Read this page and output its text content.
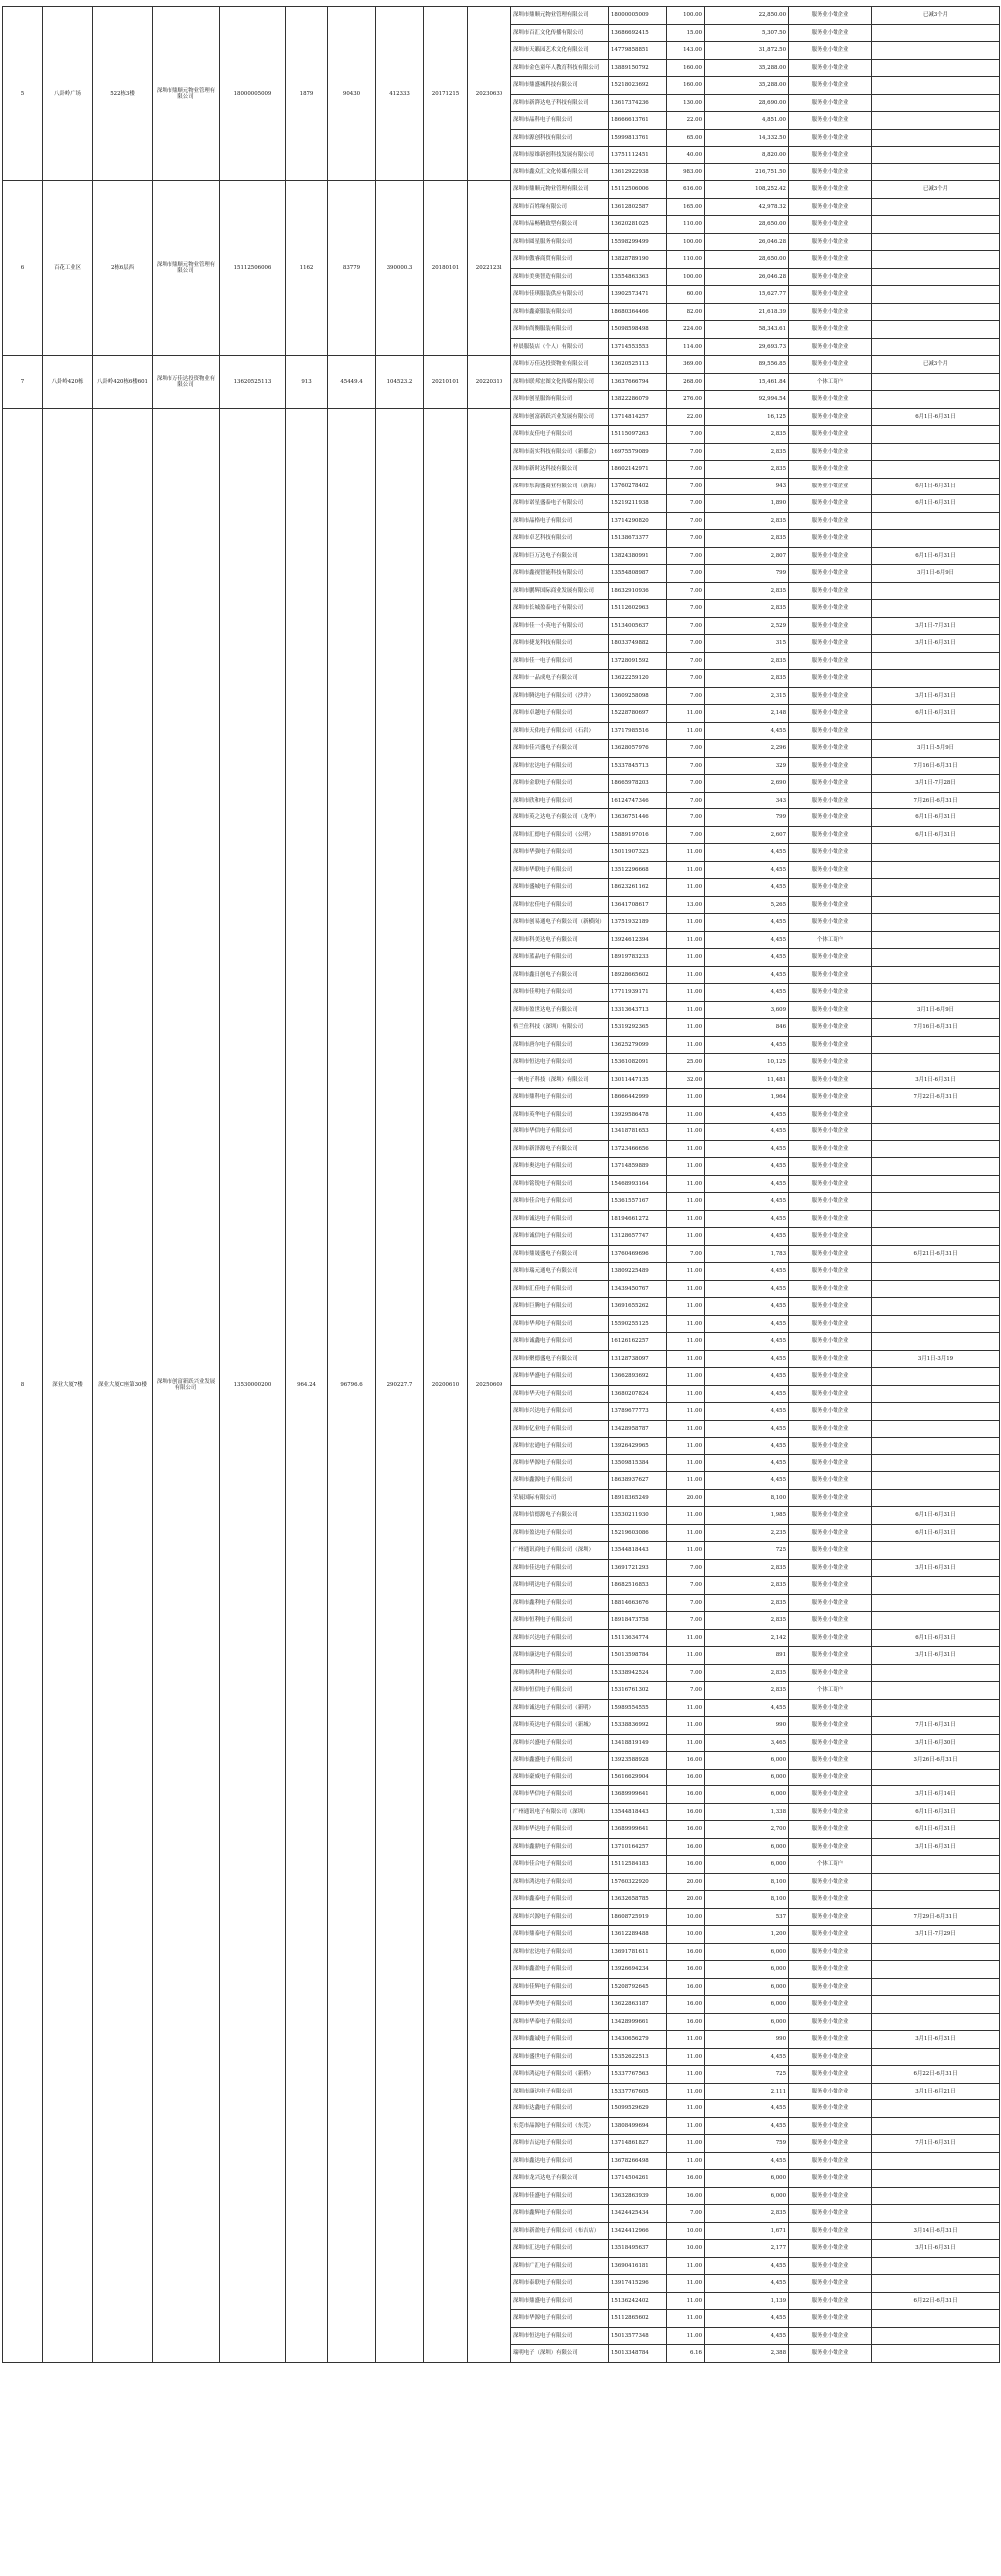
5	八卦岭广场	522栋3楼	深圳市鼎顺元物业管理有限公司	18000005009	1879	90430	412333	20171215	20230630	深圳市鼎顺元物业管理有限公司	18000005009	100.00	22,850.00	服务业小微企业	已减3个月
										深圳市百汇文化传播有限公司	13686692415	15.00	5,307.50	服务业小微企业	
										深圳市天籁园艺术文化有限公司	14779858851	143.00	31,872.50	服务业小微企业	
										深圳市金色童年人教育科技有限公司	13889150792	160.00	35,288.00	服务业小微企业	
										深圳市鼎盛城科技有限公司	15218023692	160.00	35,288.00	服务业小微企业	
										深圳市新湃达电子科技有限公司	13617374236	130.00	28,690.00	服务业小微企业	
										深圳市晶科电子有限公司	18666613761	22.00	4,851.00	服务业小微企业	
										深圳市源创科技有限公司	15999813761	65.00	14,332.50	服务业小微企业	
										深圳市原维新创科技发展有限公司	13751112451	40.00	8,820.00	服务业小微企业	
										深圳市鑫众汇文化传媒有限公司	13612922938	983.00	216,751.50	服务业小微企业	
6	百花工业区	2栋6层西	深圳市鼎顺元物业管理有限公司	15112506006	1162	83779	390000.3	20180101	20221231	深圳市鼎顺元物业管理有限公司	15112506006	616.00	108,252.42	服务业小微企业	已减3个月
										深圳市百姓缘有限公司	13612802587	165.00	42,978.32	服务业小微企业	
										深圳市品畅精致型有限公司	13620281025	110.00	28,650.00	服务业小微企业	
										深圳市圆星服务有限公司	15598299499	100.00	26,046.28	服务业小微企业	
										深圳市傲睿商贸有限公司	13828789190	110.00	28,650.00	服务业小微企业	
										深圳市美奥智造有限公司	13554863363	100.00	26,046.28	服务业小微企业	
										深圳市佳琪服装供应有限公司	13902573471	60.00	15,627.77	服务业小微企业	
										深圳市鑫豪服装有限公司	18680364466	82.00	21,618.39	服务业小微企业	
										深圳市尚衡服装有限公司	15098598498	224.00	58,343.61	服务业小微企业	
										梓晨服装店（个人）有限公司	13714553553	114.00	29,693.73	服务业小微企业	
7	八卦岭420栋	八卦岭420栋6楼601	深圳市万佳达投资物业有限公司	13620525113	913	45449.4	104523.2	20210101	20220310	深圳市万佳达投资物业有限公司	13620525113	369.00	89,556.85	服务业小微企业	已减3个月
										深圳市联邦宏图文化传媒有限公司	13637666794	268.00	15,461.84	个体工商户	
										深圳市创星服饰有限公司	13822286079	276.00	92,994.54	服务业小微企业	
8	深业大厦7楼	深业大厦C座第30楼	深圳市创富新跃兴业发展有限公司	13530000200	964.24	96796.6	290227.7	20200610	20250609	深圳市创富新跃兴业发展有限公司	13714814257	22.00	16,125	服务业小微企业	6月1日-6月31日
										深圳市友佳电子有限公司	15115097263	7.00	2,835	服务业小微企业	
										深圳市南实科技有限公司（新都会）	16975579089	7.00	2,835	服务业小微企业	
										深圳市新时达科技有限公司	18602142971	7.00	2,835	服务业小微企业	
										深圳市东海盛商业有限公司（新海）	13760278402	7.00	943	服务业小微企业	6月1日-6月31日
										深圳市诺星盛泰电子有限公司	15219211938	7.00	1,890	服务业小微企业	6月1日-6月31日
										深圳市晶格电子有限公司	13714290820	7.00	2,835	服务业小微企业	
										深圳市卓艺科技有限公司	15138673377	7.00	2,835	服务业小微企业	
										深圳市巨万达电子有限公司	13824380991	7.00	2,807	服务业小微企业	6月1日-6月31日
										深圳市鑫视智能科技有限公司	13554808987	7.00	799	服务业小微企业	3月1日-6月9日
										深圳市鹏辉国际商业发展有限公司	18632910936	7.00	2,835	服务业小微企业	
										深圳市长城盈泰电子有限公司	15112602963	7.00	2,835	服务业小微企业	
										深圳市佳一小英电子有限公司	15134005637	7.00	2,529	服务业小微企业	3月1日-7月31日
										深圳市捷龙科技有限公司	18033749882	7.00	315	服务业小微企业	3月1日-6月31日
										深圳市佳一电子有限公司	13728091592	7.00	2,835	服务业小微企业	
										深圳市一品成电子有限公司	13622259120	7.00	2,835	服务业小微企业	
										深圳市腾达电子有限公司（沙井）	13609258098	7.00	2,315	服务业小微企业	3月1日-6月31日
										深圳市卓越电子有限公司	15228780697	11.00	2,148	服务业小微企业	6月1日-6月31日
										深圳市天佑电子有限公司（石岩）	13717985516	11.00	4,455	服务业小微企业	
										深圳市佳兴盛电子有限公司	13628057976	7.00	2,296	服务业小微企业	3月1日-5月9日
										深圳市宏达电子有限公司	15337845713	7.00	329	服务业小微企业	7月16日-6月31日
										深圳市金联电子有限公司	18665978203	7.00	2,690	服务业小微企业	3月1日-7月28日
										深圳市欣和电子有限公司	16124747346	7.00	343	服务业小微企业	7月26日-6月31日
										深圳市英之达电子有限公司（龙华）	13636751446	7.00	799	服务业小微企业	6月1日-6月31日
										深圳市汇德电子有限公司（公明）	15889197016	7.00	2,607	服务业小微企业	6月1日-6月31日
										深圳市华强电子有限公司	15011907323	11.00	4,455	服务业小微企业	
										深圳市华联电子有限公司	13512296668	11.00	4,455	服务业小微企业	
										深圳市盛城电子有限公司	18623261162	11.00	4,455	服务业小微企业	
										深圳市宏佳电子有限公司	13641708617	13.00	5,265	服务业小微企业	
										深圳市创易通电子有限公司（新横岗）	13751932189	11.00	4,455	服务业小微企业	
										深圳市科美达电子有限公司	13924612394	11.00	4,455	个体工商户	
										深圳市蓝晶电子有限公司	18919783233	11.00	4,455	服务业小微企业	
										深圳市鑫日创电子有限公司	18928665602	11.00	4,455	服务业小微企业	
										深圳市佳明电子有限公司	17711939171	11.00	4,455	服务业小微企业	
										深圳市盈世达电子有限公司	13313643713	11.00	3,609	服务业小微企业	3月1日-6月9日
										格兰仕科技（深圳）有限公司	15319292365	11.00	846	服务业小微企业	7月16日-6月31日
										深圳市唐尔电子有限公司	13625279099	11.00	4,455	服务业小微企业	
										深圳市恒达电子有限公司	15361082091	25.00	10,125	服务业小微企业	
										一帆电子科技（深圳）有限公司	13011447135	32.00	11,481	服务业小微企业	3月1日-6月31日
										深圳市鼎科电子有限公司	18666442999	11.00	1,964	服务业小微企业	7月22日-6月31日
										深圳市英华电子有限公司	13929586478	11.00	4,455	服务业小微企业	
										深圳市华信电子有限公司	13418781653	11.00	4,455	服务业小微企业	
										深圳市新泽源电子有限公司	13723466656	11.00	4,455	服务业小微企业	
										深圳市奥达电子有限公司	13714859889	11.00	4,455	服务业小微企业	
										深圳市铭锐电子有限公司	15468993164	11.00	4,455	服务业小微企业	
										深圳市佳合电子有限公司	15361557167	11.00	4,455	服务业小微企业	
										深圳市诚达电子有限公司	18194661272	11.00	4,455	服务业小微企业	
										深圳市诚信电子有限公司	13128657747	11.00	4,455	服务业小微企业	
										深圳市鼎晟盛电子有限公司	13760469696	7.00	1,783	服务业小微企业	6月21日-6月31日
										深圳市瑞元通电子有限公司	13809225489	11.00	4,455	服务业小微企业	
										深圳市汇佳电子有限公司	13439450767	11.00	4,455	服务业小微企业	
										深圳市巨腾电子有限公司	13691655262	11.00	4,455	服务业小微企业	
										深圳市华邦电子有限公司	15590255125	11.00	4,455	服务业小微企业	
										深圳市诚鑫电子有限公司	16126162257	11.00	4,455	服务业小微企业	
										深圳市聚德盛电子有限公司	13128738097	11.00	4,455	服务业小微企业	3月1日-3月19
										深圳市华盛电子有限公司	13662893692	11.00	4,455	服务业小微企业	
										深圳市华天电子有限公司	13680207824	11.00	4,455	服务业小微企业	
										深圳市兴达电子有限公司	13789677773	11.00	4,455	服务业小微企业	
										深圳市亿业电子有限公司	13428958787	11.00	4,455	服务业小微企业	
										深圳市宏通电子有限公司	13926429965	11.00	4,455	服务业小微企业	
										深圳市华源电子有限公司	13509815384	11.00	4,455	服务业小微企业	
										深圳市鑫源电子有限公司	18638937627	11.00	4,455	服务业小微企业	
										荣展国际有限公司	18918365249	20.00	8,100	服务业小微企业	
										深圳市信德源电子有限公司	13530211930	11.00	1,985	服务业小微企业	6月1日-6月31日
										深圳市盈达电子有限公司	15219603086	11.00	2,235	服务业小微企业	6月1日-6月31日
										广州通讯商电子有限公司（深圳）	13544818443	11.00	725	服务业小微企业	
										深圳市佳达电子有限公司	13691721293	7.00	2,835	服务业小微企业	3月1日-6月31日
										深圳市明达电子有限公司	18682516853	7.00	2,835	服务业小微企业	
										深圳市鑫利电子有限公司	18814663676	7.00	2,835	服务业小微企业	
										深圳市恒利电子有限公司	18918473758	7.00	2,835	服务业小微企业	
										深圳市兴达电子有限公司	15113634774	11.00	2,142	服务业小微企业	6月1日-6月31日
										深圳市康达电子有限公司	15013598784	11.00	891	服务业小微企业	3月1日-6月31日
										深圳市鸿科电子有限公司	15338942524	7.00	2,835	服务业小微企业	
										深圳市恒信电子有限公司	15316761302	7.00	2,835	个体工商户	
										深圳市诚达电子有限公司（新明）	15989554555	11.00	4,455	服务业小微企业	
										深圳市英达电子有限公司（新城）	15338836992	11.00	990	服务业小微企业	7月1日-6月31日
										深圳市兴盛电子有限公司	13418819149	11.00	3,465	服务业小微企业	3月1日-6月30日
										深圳市鑫盛电子有限公司	13923588928	16.00	6,000	服务业小微企业	3月26日-6月31日
										深圳市豪威电子有限公司	15616629904	16.00	6,000	服务业小微企业	
										深圳市华信电子有限公司	13689999641	16.00	6,000	服务业小微企业	3月1日-6月14日
										广州通讯电子有限公司（深圳）	13544818443	16.00	1,338	服务业小微企业	6月1日-6月31日
										深圳市华达电子有限公司	13689999641	16.00	2,700	服务业小微企业	6月1日-6月31日
										深圳市鑫鼎电子有限公司	13710164257	16.00	6,000	服务业小微企业	3月1日-6月31日
										深圳市佳合电子有限公司	15112584183	16.00	6,000	个体工商户	
										深圳市鸿达电子有限公司	15760322920	20.00	8,100	服务业小微企业	
										深圳市鑫泰电子有限公司	13632658785	20.00	8,100	服务业小微企业	
										深圳市兴源电子有限公司	18608725919	10.00	537	服务业小微企业	7月29日-6月31日
										深圳市鼎泰电子有限公司	13612289488	10.00	1,200	服务业小微企业	3月1日-7月29日
										深圳市宏达电子有限公司	13691781611	16.00	6,000	服务业小微企业	
										深圳市鑫盈电子有限公司	13926694234	16.00	6,000	服务业小微企业	
										深圳市佳辉电子有限公司	15208792645	16.00	6,000	服务业小微企业	
										深圳市华美电子有限公司	13622863187	16.00	6,000	服务业小微企业	
										深圳市华泰电子有限公司	13428999661	16.00	6,000	服务业小微企业	
										深圳市鑫诚电子有限公司	13430656279	11.00	990	服务业小微企业	3月1日-6月31日
										深圳市盛世电子有限公司	15352622513	11.00	4,455	服务业小微企业	
										深圳市鸿运电子有限公司（新桥）	15337767563	11.00	725	服务业小微企业	6月22日-6月31日
										深圳市康达电子有限公司	15337767605	11.00	2,111	服务业小微企业	3月1日-6月21日
										深圳市达鑫电子有限公司	15099529629	11.00	4,455	服务业小微企业	
										东莞市晶源电子有限公司（东莞）	13808499694	11.00	4,455	服务业小微企业	
										深圳市吉运电子有限公司	13714861827	11.00	759	服务业小微企业	7月1日-6月31日
										深圳市鑫达电子有限公司	13678266498	11.00	4,455	服务业小微企业	
										深圳市龙兴达电子有限公司	13714504261	16.00	6,000	服务业小微企业	
										深圳市佳盛电子有限公司	13632863939	16.00	6,000	服务业小微企业	
										深圳市鑫辉电子有限公司	13424425434	7.00	2,835	服务业小微企业	
										深圳市新盈电子有限公司（布吉店）	13424412966	10.00	1,671	服务业小微企业	3月14日-6月31日
										深圳市汇达电子有限公司	13518495637	10.00	2,177	服务业小微企业	3月1日-6月31日
										深圳市广汇电子有限公司	13690416181	11.00	4,455	服务业小微企业	
										深圳市泰联电子有限公司	13917415296	11.00	4,455	服务业小微企业	
										深圳市鼎盛电子有限公司	15136242402	11.00	1,139	服务业小微企业	6月22日-6月31日
										深圳市华源电子有限公司	15112865602	11.00	4,455	服务业小微企业	
										深圳市恒达电子有限公司	15013577348	11.00	4,455	服务业小微企业	
										瑞明电子（深圳）有限公司	15013348784	6.16	2,388	服务业小微企业	
